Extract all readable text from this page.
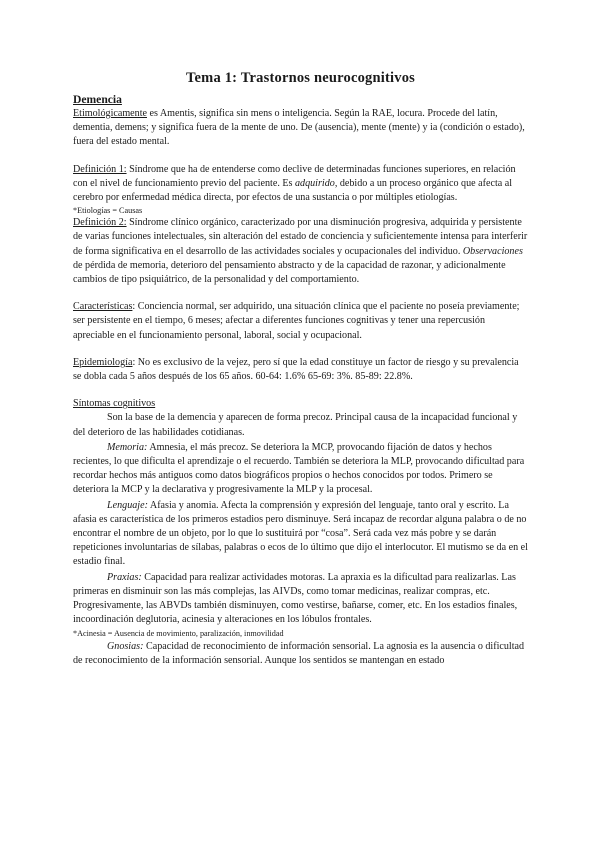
Tema 1: Trastornos neurocognitivos
Demencia

Etimológicamente es Amentis, significa sin mens o inteligencia. Según la RAE, locura. Procede del latín, dementia, demens; y significa fuera de la mente de uno. De (ausencia), mente (mente) y ia (condición o estado), fuera del estado mental.

Definición 1: Síndrome que ha de entenderse como declive de determinadas funciones superiores, en relación con el nivel de funcionamiento previo del paciente. Es adquirido, debido a un proceso orgánico que afecta al cerebro por enfermedad médica directa, por efectos de una sustancia o por múltiples etiologías.

*Etiologías = Causas

Definición 2: Síndrome clínico orgánico, caracterizado por una disminución progresiva, adquirida y persistente de varias funciones intelectuales, sin alteración del estado de conciencia y suficientemente intensa para interferir de forma significativa en el desarrollo de las actividades sociales y ocupacionales del individuo. Observaciones de pérdida de memoria, deterioro del pensamiento abstracto y de la capacidad de razonar, y adicionalmente cambios de tipo psiquiátrico, de la personalidad y del comportamiento.

Características: Conciencia normal, ser adquirido, una situación clínica que el paciente no poseía previamente; ser persistente en el tiempo, 6 meses; afectar a diferentes funciones cognitivas y tener una repercusión apreciable en el funcionamiento personal, laboral, social y ocupacional.

Epidemiología: No es exclusivo de la vejez, pero sí que la edad constituye un factor de riesgo y su prevalencia se dobla cada 5 años después de los 65 años. 60-64: 1.6% 65-69: 3%. 85-89: 22.8%.

Síntomas cognitivos

Son la base de la demencia y aparecen de forma precoz. Principal causa de la incapacidad funcional y del deterioro de las habilidades cotidianas.

Memoria: Amnesia, el más precoz. Se deteriora la MCP, provocando fijación de datos y hechos recientes, lo que dificulta el aprendizaje o el recuerdo. También se deteriora la MLP, provocando dificultad para recordar hechos más antiguos como datos biográficos propios o hechos conocidos por todos. Primero se deteriora la MCP y la declarativa y progresivamente la MLP y la procesal.

Lenguaje: Afasia y anomia. Afecta la comprensión y expresión del lenguaje, tanto oral y escrito. La afasia es característica de los primeros estadios pero disminuye. Será incapaz de recordar alguna palabra o de no encontrar el nombre de un objeto, por lo que lo sustituirá por “cosa”. Será cada vez más pobre y se darán repeticiones involuntarias de sílabas, palabras o ecos de lo último que dijo el interlocutor. El mutismo se da en el estadio final.

Praxias: Capacidad para realizar actividades motoras. La apraxia es la dificultad para realizarlas. Las primeras en disminuir son las más complejas, las AIVDs, como tomar medicinas, realizar compras, etc. Progresivamente, las ABVDs también disminuyen, como vestirse, bañarse, comer, etc. En los estadios finales, incoordinación deglutoria, acinesia y alteraciones en los lóbulos frontales.

*Acinesia = Ausencia de movimiento, paralización, inmovilidad

Gnosias: Capacidad de reconocimiento de información sensorial. La agnosia es la ausencia o dificultad de reconocimiento de la información sensorial. Aunque los sentidos se mantengan en estado
